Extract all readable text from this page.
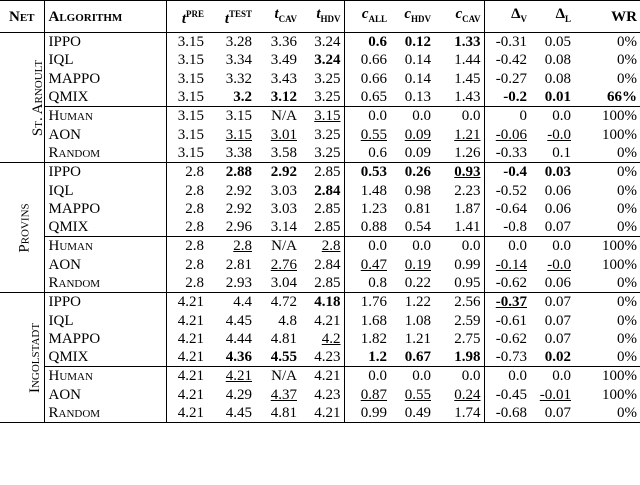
Net	Algorithm	$t^{PRE}$	$t^{TEST}$	$t_{CAV}$	$t_{HDV}$	$c_{ALL}$	$c_{HDV}$	$c_{CAV}$	$\Delta_V$	$\Delta_L$	WR
St. Arnoult	IPPO	3.15	3.28	3.36	3.24	0.6	0.12	1.33	-0.31	0.05	0%
	IQL	3.15	3.34	3.49	3.24	0.66	0.14	1.44	-0.42	0.08	0%
	MAPPO	3.15	3.32	3.43	3.25	0.66	0.14	1.45	-0.27	0.08	0%
	QMIX	3.15	3.2	3.12	3.25	0.65	0.13	1.43	-0.2	0.01	66%
	Human	3.15	3.15	N/A	3.15	0.0	0.0	0.0	0	0.0	100%
	AON	3.15	3.15	3.01	3.25	0.55	0.09	1.21	-0.06	-0.0	100%
	Random	3.15	3.38	3.58	3.25	0.6	0.09	1.26	-0.33	0.1	0%
Provins	IPPO	2.8	2.88	2.92	2.85	0.53	0.26	0.93	-0.4	0.03	0%
	IQL	2.8	2.92	3.03	2.84	1.48	0.98	2.23	-0.52	0.06	0%
	MAPPO	2.8	2.92	3.03	2.85	1.23	0.81	1.87	-0.64	0.06	0%
	QMIX	2.8	2.96	3.14	2.85	0.88	0.54	1.41	-0.8	0.07	0%
	Human	2.8	2.8	N/A	2.8	0.0	0.0	0.0	0.0	0.0	100%
	AON	2.8	2.81	2.76	2.84	0.47	0.19	0.99	-0.14	-0.0	100%
	Random	2.8	2.93	3.04	2.85	0.8	0.22	0.95	-0.62	0.06	0%
Ingolstadt	IPPO	4.21	4.4	4.72	4.18	1.76	1.22	2.56	-0.37	0.07	0%
	IQL	4.21	4.45	4.8	4.21	1.68	1.08	2.59	-0.61	0.07	0%
	MAPPO	4.21	4.44	4.81	4.2	1.82	1.21	2.75	-0.62	0.07	0%
	QMIX	4.21	4.36	4.55	4.23	1.2	0.67	1.98	-0.73	0.02	0%
	Human	4.21	4.21	N/A	4.21	0.0	0.0	0.0	0.0	0.0	100%
	AON	4.21	4.29	4.37	4.23	0.87	0.55	0.24	-0.45	-0.01	100%
	Random	4.21	4.45	4.81	4.21	0.99	0.49	1.74	-0.68	0.07	0%
